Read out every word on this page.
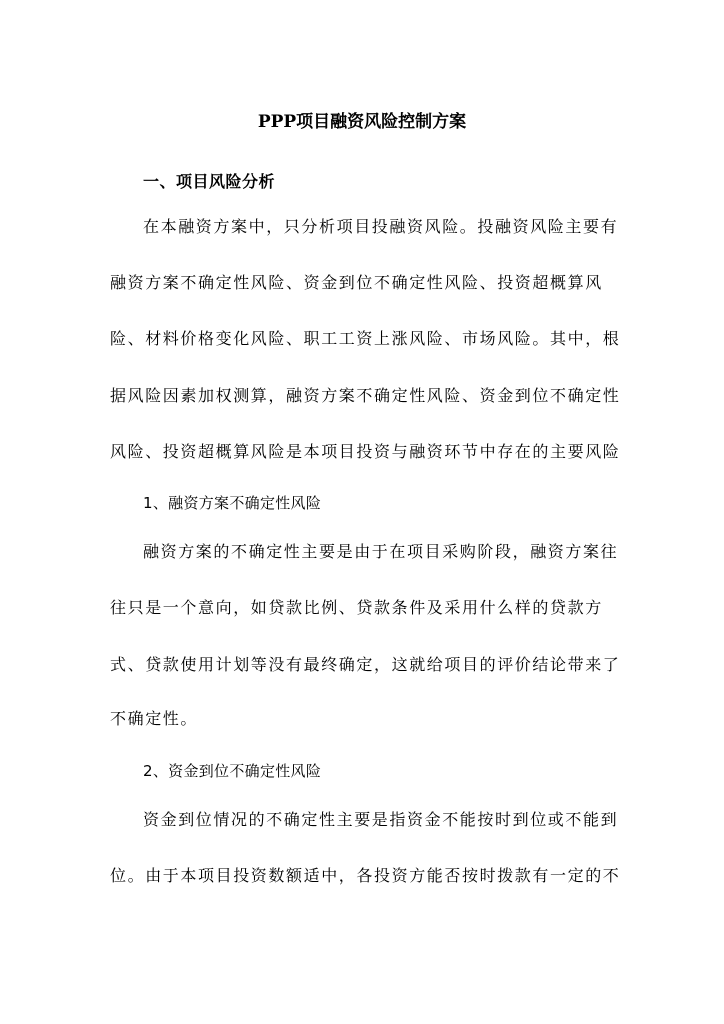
PPP项目融资风险控制方案
一、项目风险分析
在本融资方案中，只分析项目投融资风险。投融资风险主要有
融资方案不确定性风险、资金到位不确定性风险、投资超概算风
险、材料价格变化风险、职工工资上涨风险、市场风险。其中，根
据风险因素加权测算，融资方案不确定性风险、资金到位不确定性
风险、投资超概算风险是本项目投资与融资环节中存在的主要风险
1、融资方案不确定性风险
融资方案的不确定性主要是由于在项目采购阶段，融资方案往
往只是一个意向，如贷款比例、贷款条件及采用什么样的贷款方
式、贷款使用计划等没有最终确定，这就给项目的评价结论带来了
不确定性。
2、资金到位不确定性风险
资金到位情况的不确定性主要是指资金不能按时到位或不能到
位。由于本项目投资数额适中，各投资方能否按时拨款有一定的不
